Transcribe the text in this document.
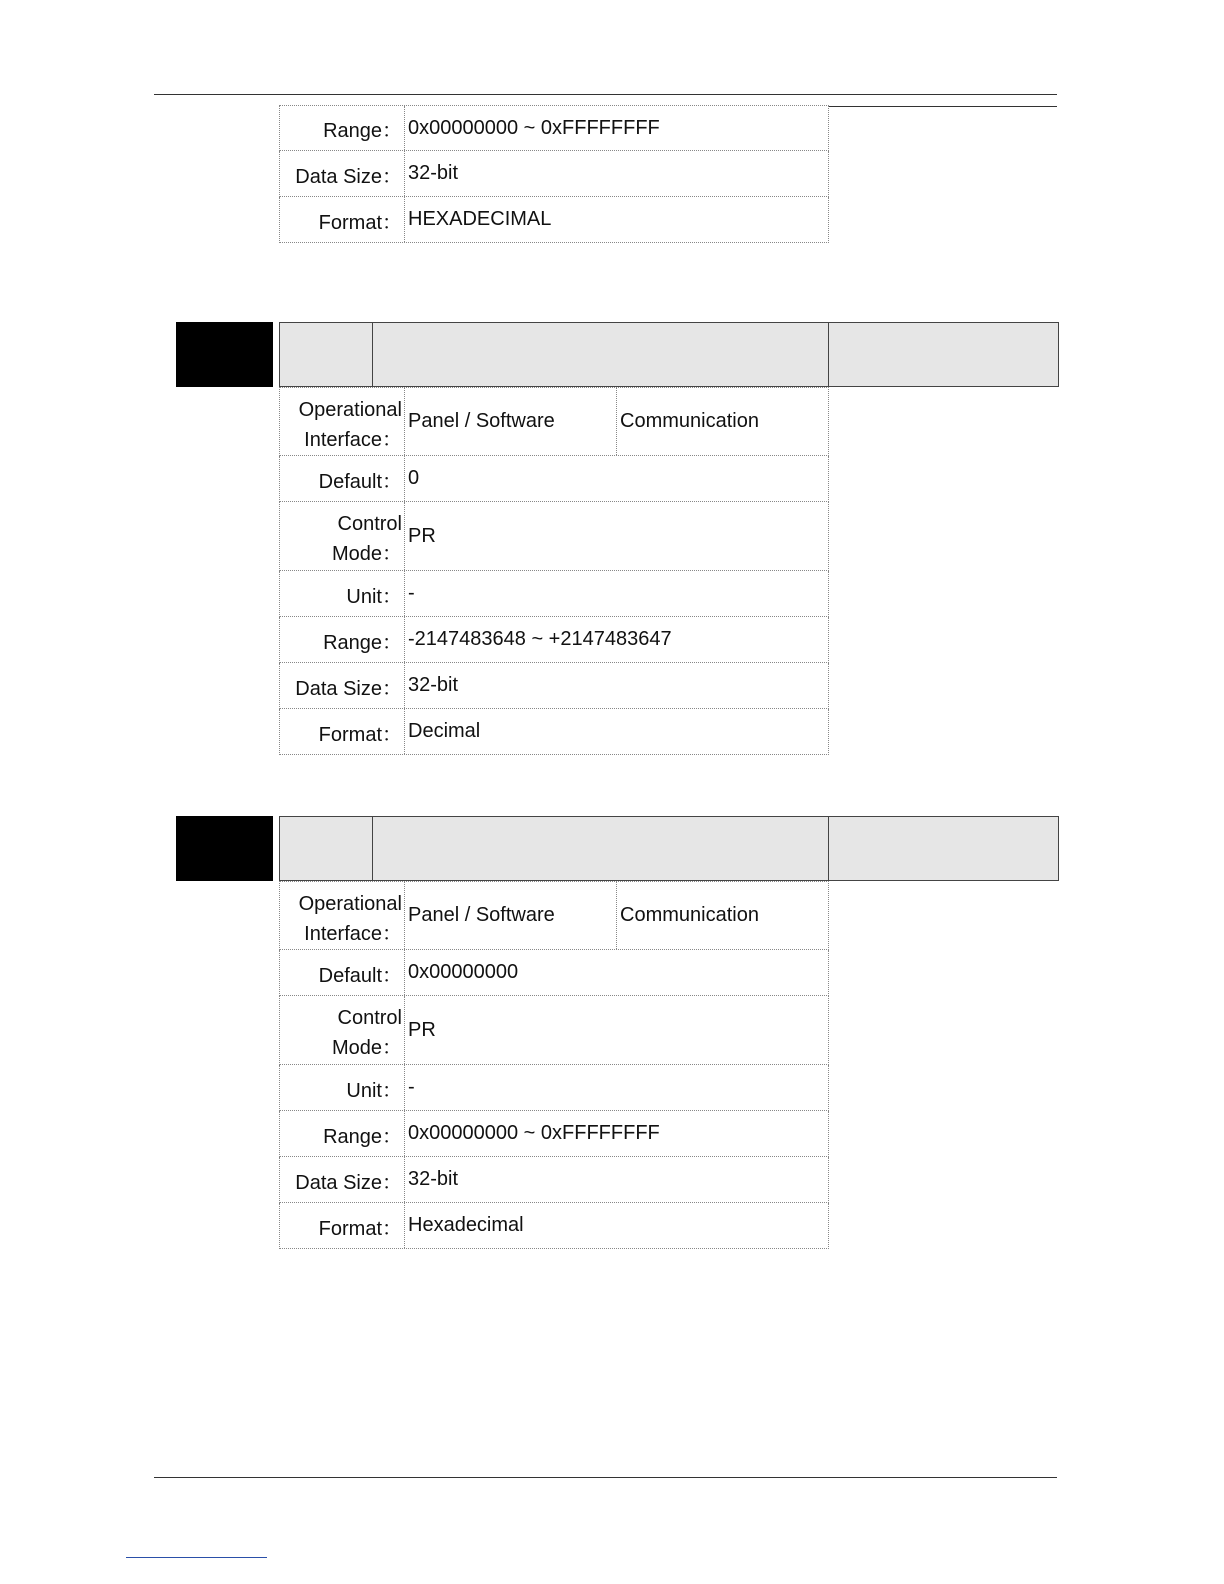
Range： 0x00000000 ~ 0xFFFFFFFF
Data Size： 32-bit
Format： HEXADECIMAL
Operational
Interface：
Panel / Software	Communication
Default： 0
Control
Mode：
PR
Unit： -
Range： -2147483648 ~ +2147483647
Data Size： 32-bit
Format： Decimal
Operational
Interface：
Panel / Software	Communication
Default： 0x00000000
Control
Mode：
PR
Unit： -
Range： 0x00000000 ~ 0xFFFFFFFF
Data Size： 32-bit
Format： Hexadecimal
